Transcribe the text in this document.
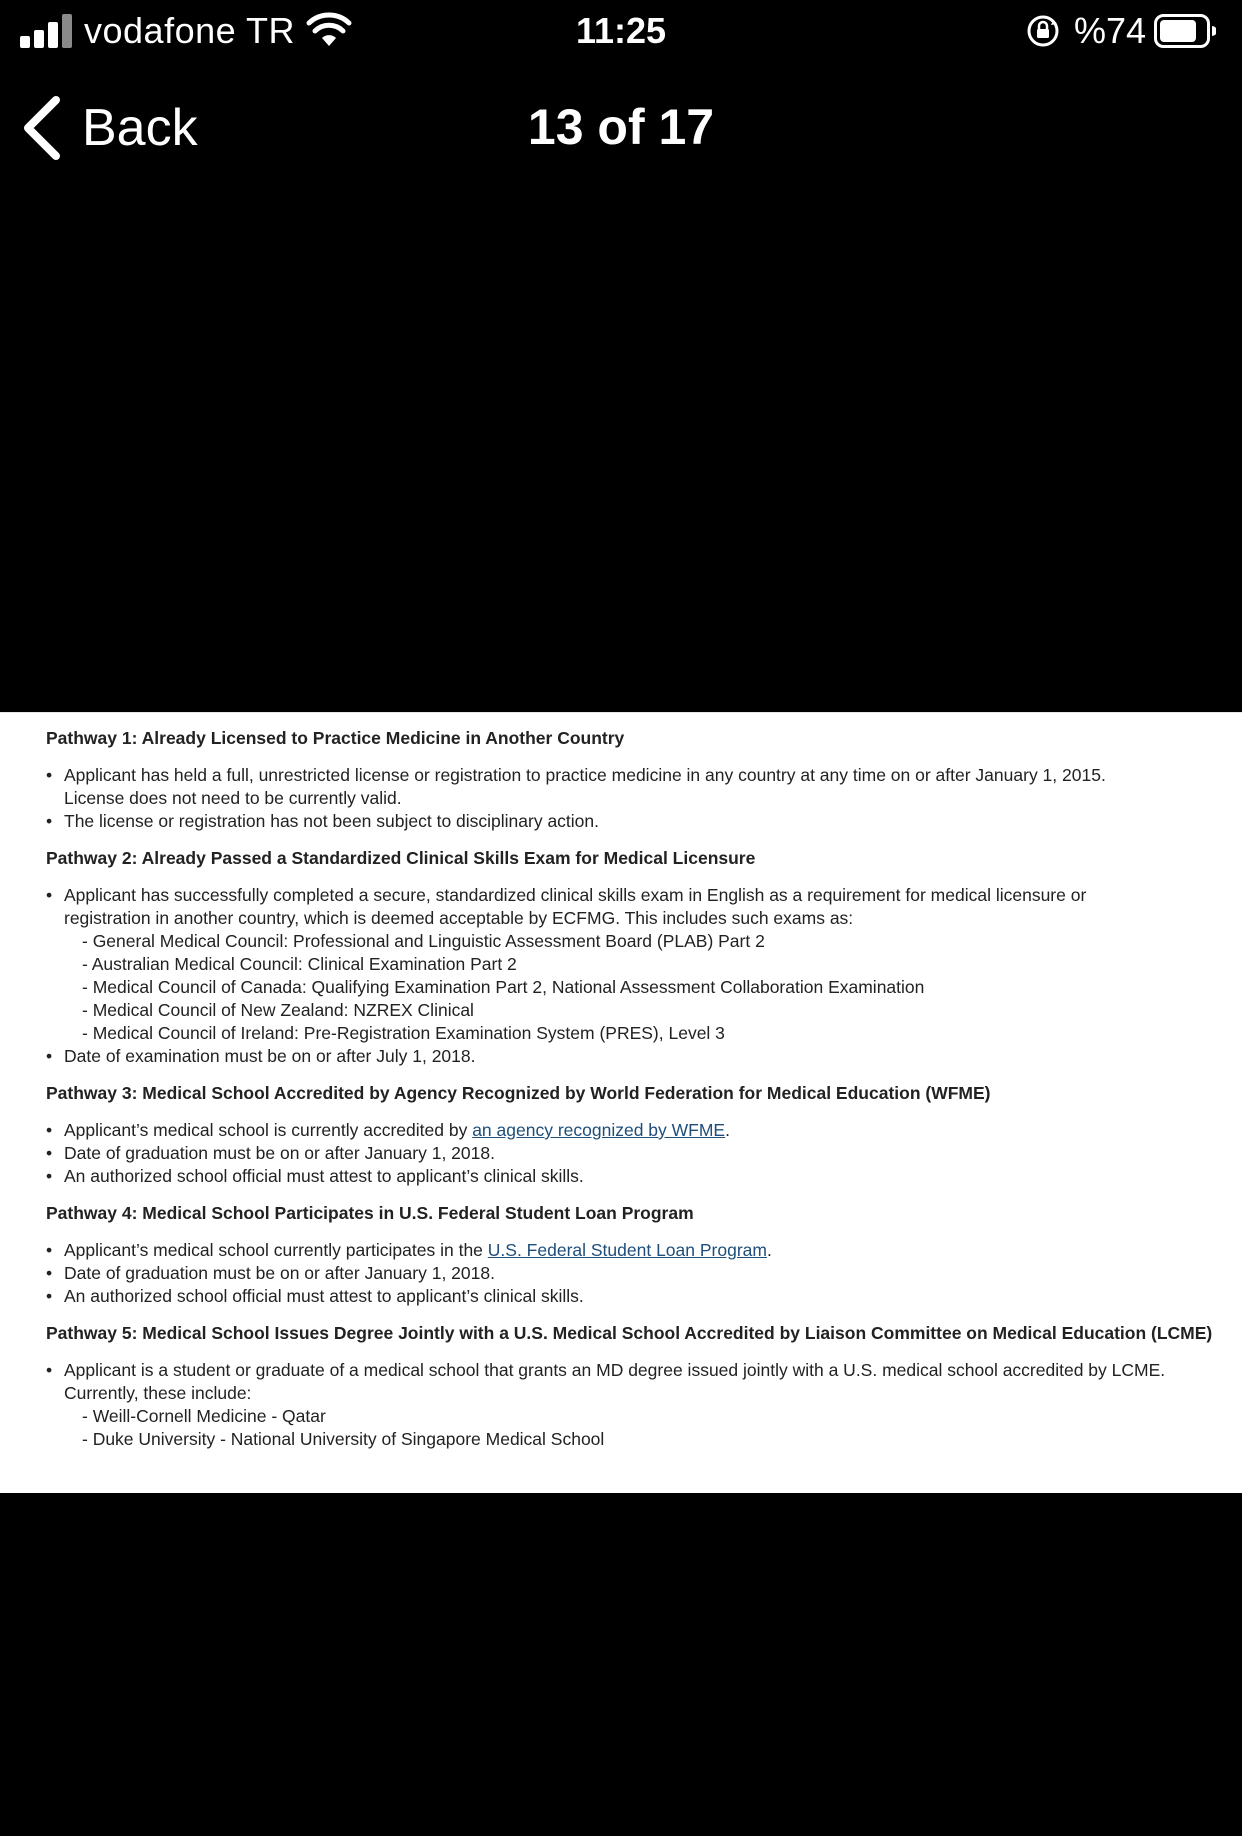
vodafone TR	11:25	%74
Back	13 of 17
Pathway 1: Already Licensed to Practice Medicine in Another Country
• Applicant has held a full, unrestricted license or registration to practice medicine in any country at any time on or after January 1, 2015.
License does not need to be currently valid.
• The license or registration has not been subject to disciplinary action.
Pathway 2: Already Passed a Standardized Clinical Skills Exam for Medical Licensure
• Applicant has successfully completed a secure, standardized clinical skills exam in English as a requirement for medical licensure or
registration in another country, which is deemed acceptable by ECFMG. This includes such exams as:
- General Medical Council: Professional and Linguistic Assessment Board (PLAB) Part 2
- Australian Medical Council: Clinical Examination Part 2
- Medical Council of Canada: Qualifying Examination Part 2, National Assessment Collaboration Examination
- Medical Council of New Zealand: NZREX Clinical
- Medical Council of Ireland: Pre-Registration Examination System (PRES), Level 3
• Date of examination must be on or after July 1, 2018.
Pathway 3: Medical School Accredited by Agency Recognized by World Federation for Medical Education (WFME)
• Applicant’s medical school is currently accredited by an agency recognized by WFME.
• Date of graduation must be on or after January 1, 2018.
• An authorized school official must attest to applicant’s clinical skills.
Pathway 4: Medical School Participates in U.S. Federal Student Loan Program
• Applicant’s medical school currently participates in the U.S. Federal Student Loan Program.
• Date of graduation must be on or after January 1, 2018.
• An authorized school official must attest to applicant’s clinical skills.
Pathway 5: Medical School Issues Degree Jointly with a U.S. Medical School Accredited by Liaison Committee on Medical Education (LCME)
• Applicant is a student or graduate of a medical school that grants an MD degree issued jointly with a U.S. medical school accredited by LCME.
Currently, these include:
- Weill-Cornell Medicine - Qatar
- Duke University - National University of Singapore Medical School
